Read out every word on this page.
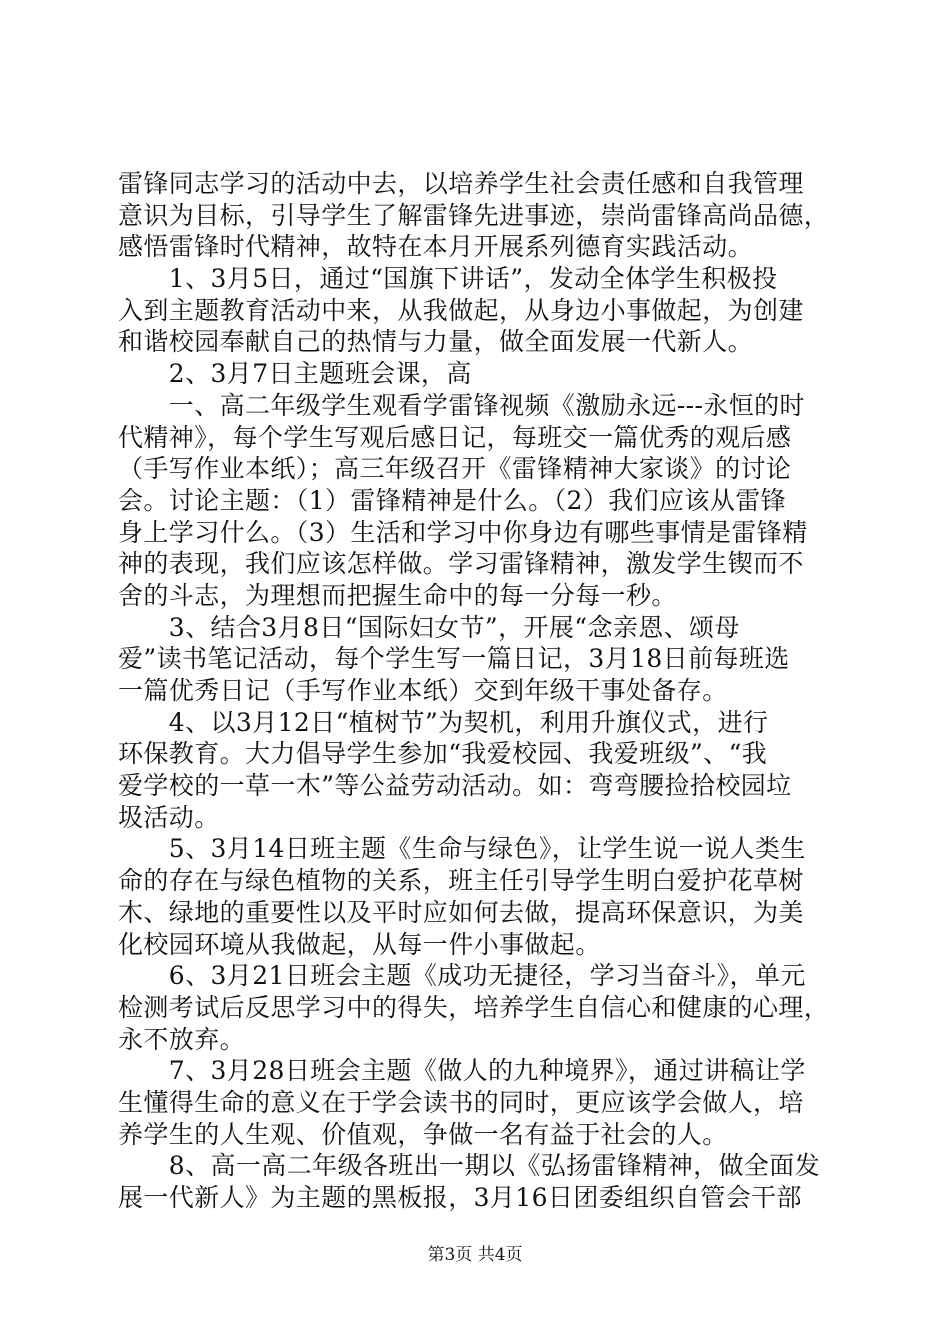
雷锋同志学习的活动中去，以培养学生社会责任感和自我管理
意识为目标，引导学生了解雷锋先进事迹，崇尚雷锋高尚品德，
感悟雷锋时代精神，故特在本月开展系列德育实践活动。
　　1、3月5日，通过“国旗下讲话”，发动全体学生积极投
入到主题教育活动中来，从我做起，从身边小事做起，为创建
和谐校园奉献自己的热情与力量，做全面发展一代新人。
　　2、3月7日主题班会课，高
　　一、高二年级学生观看学雷锋视频《激励永远---永恒的时
代精神》，每个学生写观后感日记，每班交一篇优秀的观后感
（手写作业本纸）；高三年级召开《雷锋精神大家谈》的讨论
会。讨论主题：（1）雷锋精神是什么。（2）我们应该从雷锋
身上学习什么。（3）生活和学习中你身边有哪些事情是雷锋精
神的表现，我们应该怎样做。学习雷锋精神，激发学生锲而不
舍的斗志，为理想而把握生命中的每一分每一秒。
　　3、结合3月8日“国际妇女节”，开展“念亲恩、颂母
爱”读书笔记活动，每个学生写一篇日记，3月18日前每班选
一篇优秀日记（手写作业本纸）交到年级干事处备存。
　　4、以3月12日“植树节”为契机，利用升旗仪式，进行
环保教育。大力倡导学生参加“我爱校园、我爱班级”、“我
爱学校的一草一木”等公益劳动活动。如：弯弯腰捡拾校园垃
圾活动。
　　5、3月14日班主题《生命与绿色》，让学生说一说人类生
命的存在与绿色植物的关系，班主任引导学生明白爱护花草树
木、绿地的重要性以及平时应如何去做，提高环保意识，为美
化校园环境从我做起，从每一件小事做起。
　　6、3月21日班会主题《成功无捷径，学习当奋斗》，单元
检测考试后反思学习中的得失，培养学生自信心和健康的心理，
永不放弃。
　　7、3月28日班会主题《做人的九种境界》，通过讲稿让学
生懂得生命的意义在于学会读书的同时，更应该学会做人，培
养学生的人生观、价值观，争做一名有益于社会的人。
　　8、高一高二年级各班出一期以《弘扬雷锋精神，做全面发
展一代新人》为主题的黑板报，3月16日团委组织自管会干部
第3页 共4页
